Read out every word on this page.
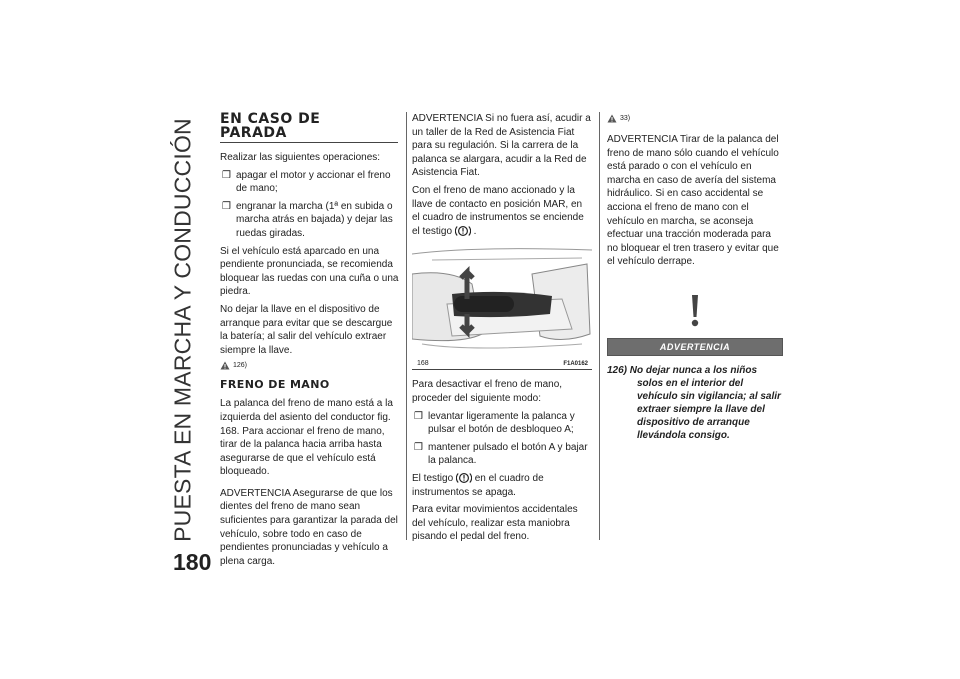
PUESTA EN MARCHA Y CONDUCCIÓN EN CASO DE
PARADA

Realizar las siguientes operaciones:

❒ apagar el motor y accionar el freno de mano;
❒ engranar la marcha (1ª en subida o marcha atrás en bajada) y dejar las ruedas giradas.

Si el vehículo está aparcado en una pendiente pronunciada, se recomienda bloquear las ruedas con una cuña o una piedra.

No dejar la llave en el dispositivo de arranque para evitar que se descargue la batería; al salir del vehículo extraer siempre la llave.

126)
FRENO DE MANO

La palanca del freno de mano está a la izquierda del asiento del conductor fig. 168. Para accionar el freno de mano, tirar de la palanca hacia arriba hasta asegurarse de que el vehículo está bloqueado.

ADVERTENCIA Asegurarse de que los dientes del freno de mano sean suficientes para garantizar la parada del vehículo, sobre todo en caso de pendientes pronunciadas y vehículo a plena carga.

ADVERTENCIA Si no fuera así, acudir a un taller de la Red de Asistencia Fiat para su regulación. Si la carrera de la palanca se alargara, acudir a la Red de Asistencia Fiat.

Con el freno de mano accionado y la llave de contacto en posición MAR, en el cuadro de instrumentos se enciende el testigo .

168	F1A0162

Para desactivar el freno de mano, proceder del siguiente modo:

❒ levantar ligeramente la palanca y pulsar el botón de desbloqueo A;
❒ mantener pulsado el botón A y bajar la palanca.

El testigo en el cuadro de instrumentos se apaga.

Para evitar movimientos accidentales del vehículo, realizar esta maniobra pisando el pedal del freno.

33)

ADVERTENCIA Tirar de la palanca del freno de mano sólo cuando el vehículo está parado o con el vehículo en marcha en caso de avería del sistema hidráulico. Si en caso accidental se acciona el freno de mano con el vehículo en marcha, se aconseja efectuar una tracción moderada para no bloquear el tren trasero y evitar que el vehículo derrape.

ADVERTENCIA
126) No dejar nunca a los niños solos en el interior del vehículo sin vigilancia; al salir extraer siempre la llave del dispositivo de arranque llevándola consigo.
180
